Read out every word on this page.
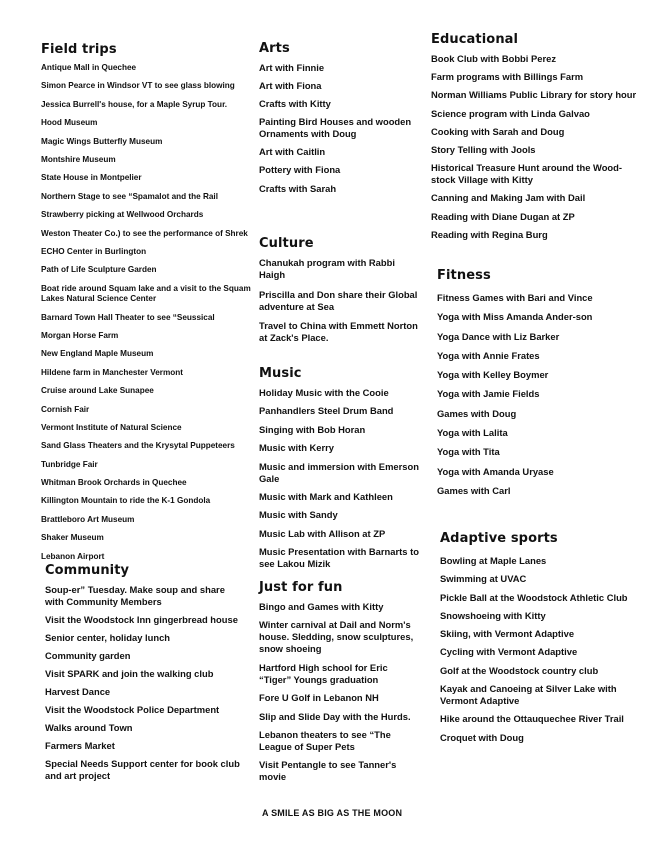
Field trips
Antique Mall in Quechee
Simon Pearce in Windsor VT to see glass blowing
Jessica Burrell's house, for a Maple Syrup Tour.
Hood Museum
Magic Wings Butterfly Museum
Montshire Museum
State House in Montpelier
Northern Stage to see “Spamalot and the Rail
Strawberry picking at Wellwood Orchards
Weston Theater Co.) to see the performance of Shrek
ECHO Center in Burlington
Path of Life Sculpture Garden
Boat ride around Squam lake and a visit to the Squam Lakes Natural Science Center
Barnard Town Hall Theater to see “Seussical
Morgan Horse Farm
New England Maple Museum
Hildene farm in Manchester Vermont
Cruise around Lake Sunapee
Cornish Fair
Vermont Institute of Natural Science
Sand Glass Theaters and the Krysytal Puppeteers
Tunbridge Fair
Whitman Brook Orchards in Quechee
Killington Mountain to ride the K-1 Gondola
Brattleboro Art Museum
Shaker Museum
Lebanon Airport
Community
Soup-er” Tuesday. Make soup and share with Community Members
Visit the Woodstock Inn gingerbread house
Senior center, holiday lunch
Community garden
Visit SPARK and join the walking club
Harvest Dance
Visit the Woodstock Police Department
Walks around Town
Farmers Market
Special Needs Support center for book club and art project
Arts
Art with Finnie
Art with Fiona
Crafts with Kitty
Painting Bird Houses and wooden Ornaments with Doug
Art with Caitlin
Pottery with Fiona
Crafts with Sarah
Culture
Chanukah program with Rabbi Haigh
Priscilla and Don share their Global adventure at Sea
Travel to China with Emmett Norton at Zack's Place.
Music
Holiday Music with the Cooie
Panhandlers Steel Drum Band
Singing with Bob Horan
Music with Kerry
Music and immersion with Emerson Gale
Music with Mark and Kathleen
Music with Sandy
Music Lab with Allison at ZP
Music Presentation with Barnarts to see Lakou Mizik
Just for fun
Bingo and Games with Kitty
Winter carnival at Dail and Norm's house. Sledding, snow sculptures, snow shoeing
Hartford High school for Eric “Tiger” Youngs graduation
Fore U Golf in Lebanon NH
Slip and Slide Day with the Hurds.
Lebanon theaters to see “The League of Super Pets
Visit Pentangle to see Tanner's movie
A SMILE AS BIG AS THE MOON
Educational
Book Club with Bobbi Perez
Farm programs with Billings Farm
Norman Williams Public Library for story hour
Science program with Linda Galvao
Cooking with Sarah and Doug
Story Telling with Jools
Historical Treasure Hunt around the Wood-stock Village with Kitty
Canning and Making Jam with Dail
Reading with Diane Dugan at ZP
Reading with Regina Burg
Fitness
Fitness Games with Bari and Vince
Yoga with Miss Amanda Ander-son
Yoga Dance with Liz Barker
Yoga with Annie Frates
Yoga with Kelley Boymer
Yoga with Jamie Fields
Games with Doug
Yoga with Lalita
Yoga with Tita
Yoga with Amanda Uryase
Games with Carl
Adaptive sports
Bowling at Maple Lanes
Swimming at UVAC
Pickle Ball at the Woodstock Athletic Club
Snowshoeing with Kitty
Skiing, with Vermont Adaptive
Cycling with Vermont Adaptive
Golf at the Woodstock country club
Kayak and Canoeing at Silver Lake with Vermont Adaptive
Hike around the Ottauquechee River Trail
Croquet with Doug
